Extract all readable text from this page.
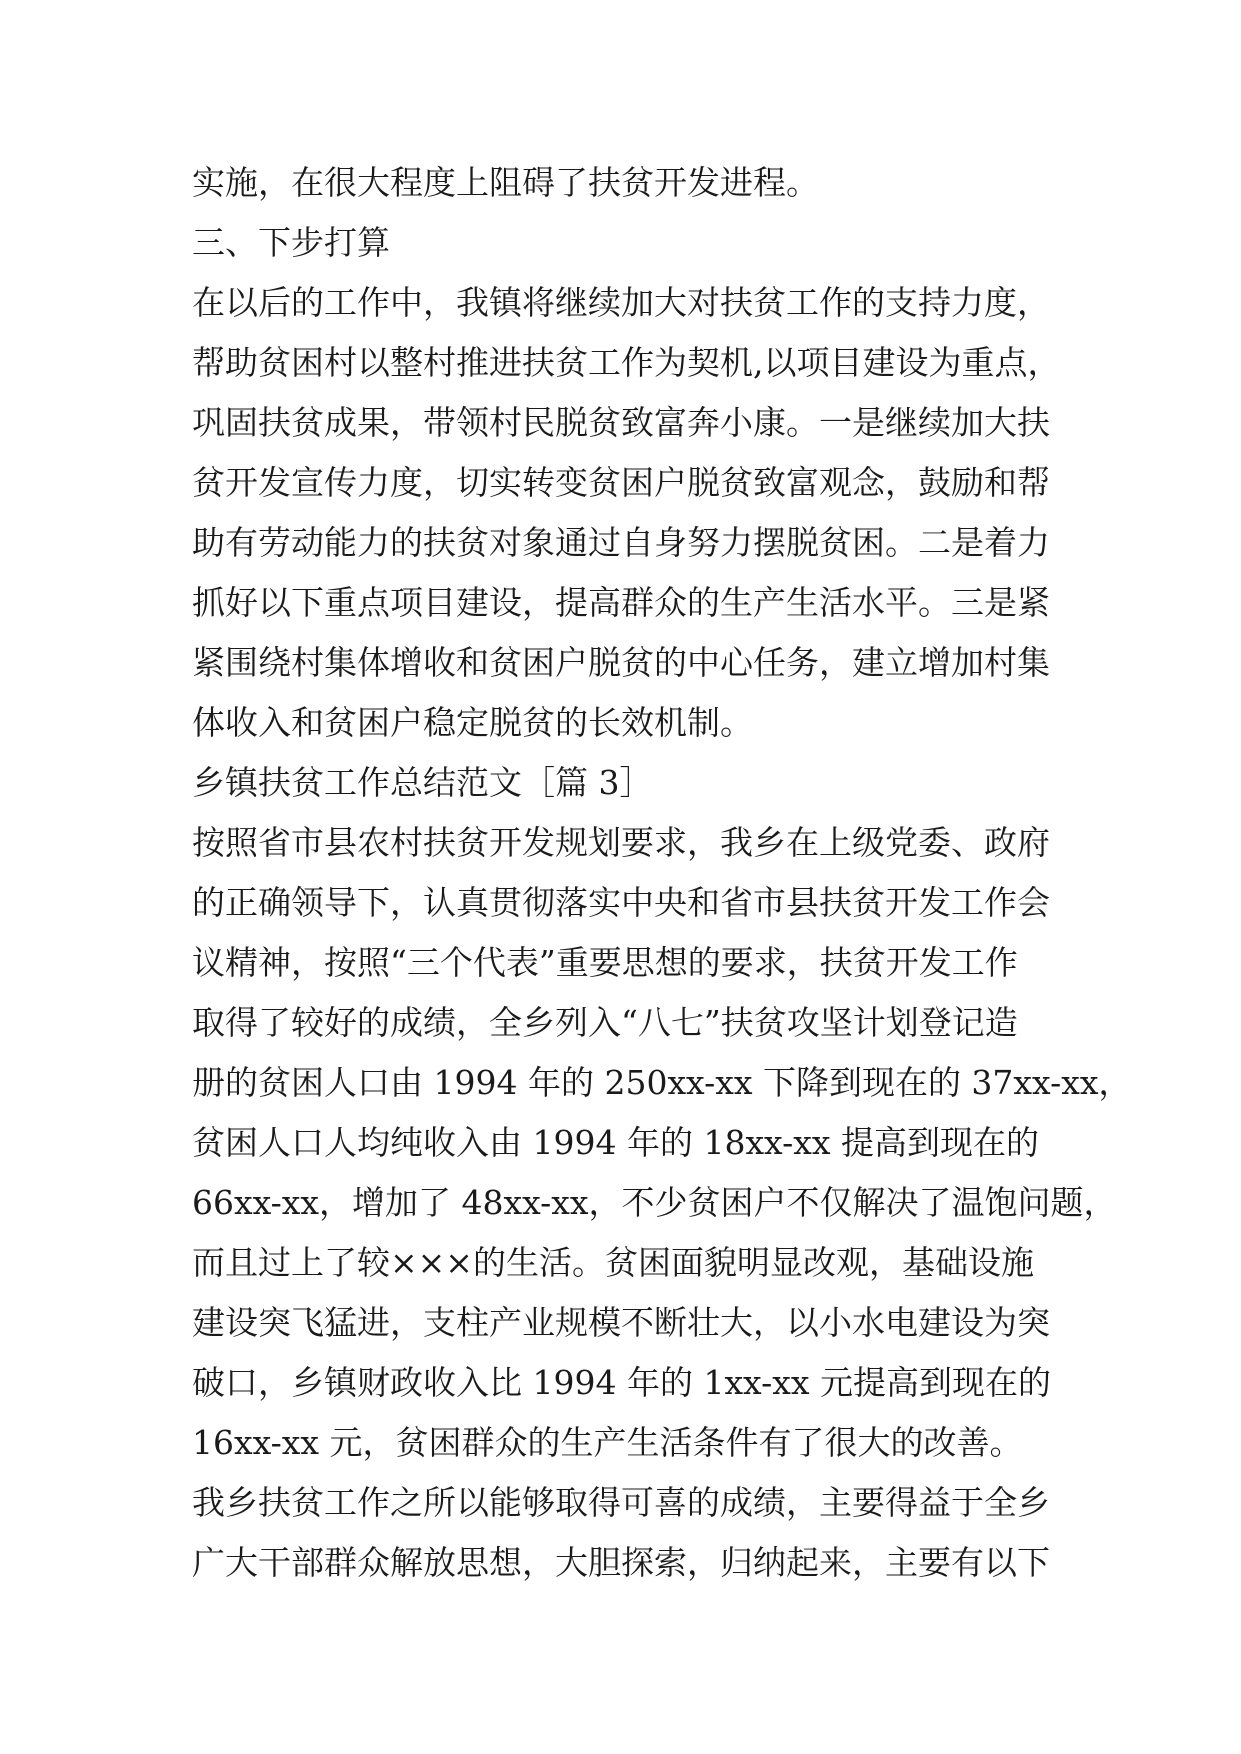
实施，在很大程度上阻碍了扶贫开发进程。

三、下步打算

在以后的工作中，我镇将继续加大对扶贫工作的支持力度，

帮助贫困村以整村推进扶贫工作为契机,以项目建设为重点，

巩固扶贫成果，带领村民脱贫致富奔小康。一是继续加大扶

贫开发宣传力度，切实转变贫困户脱贫致富观念，鼓励和帮

助有劳动能力的扶贫对象通过自身努力摆脱贫困。二是着力

抓好以下重点项目建设，提高群众的生产生活水平。三是紧

紧围绕村集体增收和贫困户脱贫的中心任务，建立增加村集

体收入和贫困户稳定脱贫的长效机制。

乡镇扶贫工作总结范文［篇 3］

按照省市县农村扶贫开发规划要求，我乡在上级党委、政府

的正确领导下，认真贯彻落实中央和省市县扶贫开发工作会

议精神，按照“三个代表”重要思想的要求，扶贫开发工作

取得了较好的成绩，全乡列入“八七”扶贫攻坚计划登记造

册的贫困人口由 1994 年的 250xx-xx 下降到现在的 37xx-xx，

贫困人口人均纯收入由 1994 年的 18xx-xx 提高到现在的

66xx-xx，增加了 48xx-xx，不少贫困户不仅解决了温饱问题，

而且过上了较×××的生活。贫困面貌明显改观，基础设施

建设突飞猛进，支柱产业规模不断壮大，以小水电建设为突

破口，乡镇财政收入比 1994 年的 1xx-xx 元提高到现在的

16xx-xx 元，贫困群众的生产生活条件有了很大的改善。

我乡扶贫工作之所以能够取得可喜的成绩，主要得益于全乡

广大干部群众解放思想，大胆探索，归纳起来，主要有以下
